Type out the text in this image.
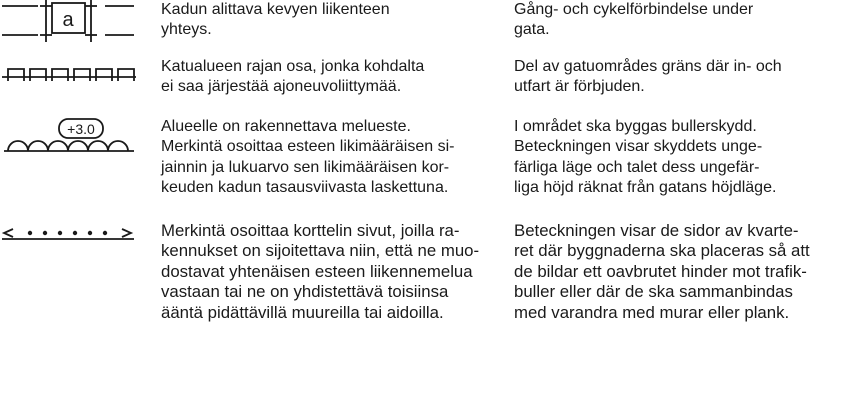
a	Kadun alittava kevyen liikenteen
yhteys.
Gång- och cykelförbindelse under
gata.
Katualueen rajan osa, jonka kohdalta
ei saa järjestää ajoneuvoliittymää.
Del av gatuområdes gräns där in- och
utfart är förbjuden.
+3.0	Alueelle on rakennettava melueste.
Merkintä osoittaa esteen likimääräisen si-
jainnin ja lukuarvo sen likimääräisen kor-
keuden kadun tasausviivasta laskettuna.
I området ska byggas bullerskydd.
Beteckningen visar skyddets unge-
färliga läge och talet dess ungefär-
liga höjd räknat från gatans höjdläge.
Merkintä osoittaa korttelin sivut, joilla ra-
kennukset on sijoitettava niin, että ne muo-
dostavat yhtenäisen esteen liikennemelua
vastaan tai ne on yhdistettävä toisiinsa
ääntä pidättävillä muureilla tai aidoilla.
Beteckningen visar de sidor av kvarte-
ret där byggnaderna ska placeras så att
de bildar ett oavbrutet hinder mot trafik-
buller eller där de ska sammanbindas
med varandra med murar eller plank.
